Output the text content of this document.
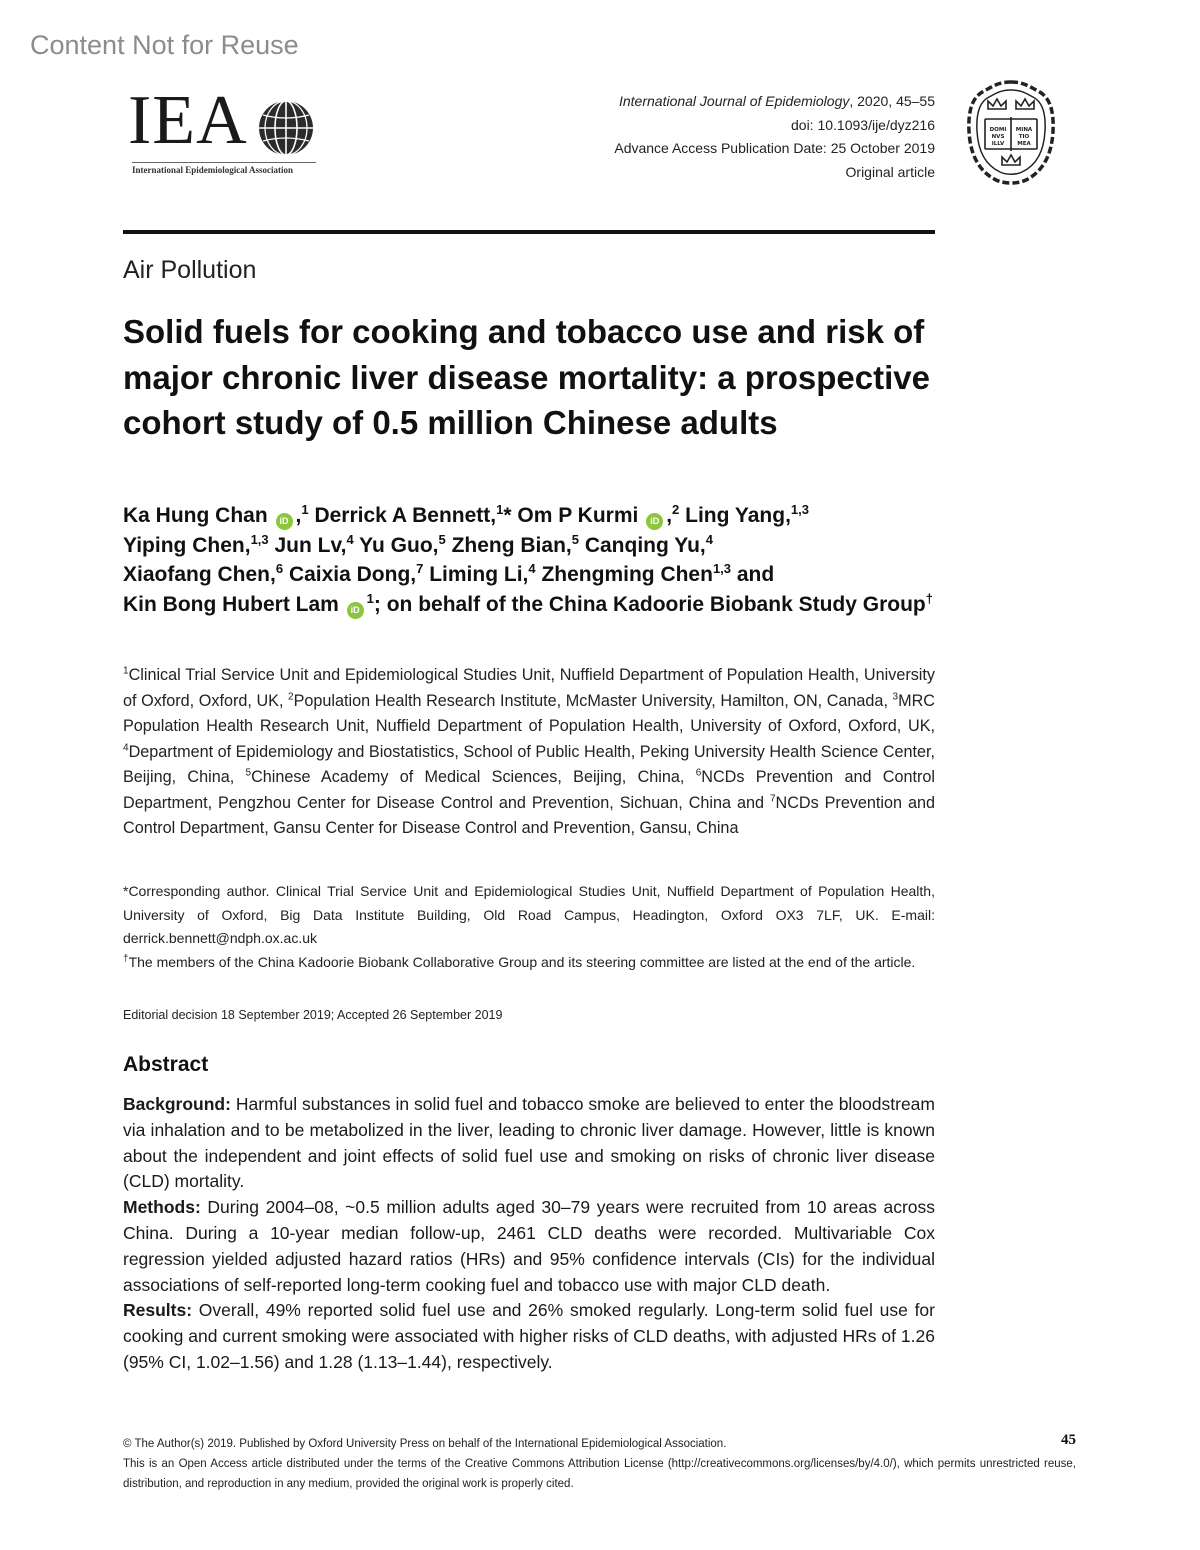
Content Not for Reuse
IEA
International Epidemiological Association
International Journal of Epidemiology, 2020, 45–55
doi: 10.1093/ije/dyz216
Advance Access Publication Date: 25 October 2019
Original article
DOMI
NVS
ILLV
MINA
TIO
MEA
Air Pollution
Solid fuels for cooking and tobacco use and risk of major chronic liver disease mortality: a prospective cohort study of 0.5 million Chinese adults
Ka Hung Chan iD ,$^1$ Derrick A Bennett,$^1$* Om P Kurmi iD ,$^2$ Ling Yang,$^{1,3}$
Yiping Chen,$^{1,3}$ Jun Lv,$^4$ Yu Guo,$^5$ Zheng Bian,$^5$ Canqing Yu,$^4$
Xiaofang Chen,$^6$ Caixia Dong,$^7$ Liming Li,$^4$ Zhengming Chen$^{1,3}$ and
Kin Bong Hubert Lam $iD^1$; on behalf of the China Kadoorie Biobank Study Group†
$^1$Clinical Trial Service Unit and Epidemiological Studies Unit, Nuffield Department of Population Health, University of Oxford, Oxford, UK, $^2$Population Health Research Institute, McMaster University, Hamilton, ON, Canada, $^3$MRC Population Health Research Unit, Nuffield Department of Population Health, University of Oxford, Oxford, UK, $^4$Department of Epidemiology and Biostatistics, School of Public Health, Peking University Health Science Center, Beijing, China, $^5$Chinese Academy of Medical Sciences, Beijing, China, $^6$NCDs Prevention and Control Department, Pengzhou Center for Disease Control and Prevention, Sichuan, China and $^7$NCDs Prevention and Control Department, Gansu Center for Disease Control and Prevention, Gansu, China
*Corresponding author. Clinical Trial Service Unit and Epidemiological Studies Unit, Nuffield Department of Population Health, University of Oxford, Big Data Institute Building, Old Road Campus, Headington, Oxford OX3 7LF, UK. E-mail: derrick.bennett@ndph.ox.ac.uk
†The members of the China Kadoorie Biobank Collaborative Group and its steering committee are listed at the end of the article.
Editorial decision 18 September 2019; Accepted 26 September 2019
Abstract

Background: Harmful substances in solid fuel and tobacco smoke are believed to enter the bloodstream via inhalation and to be metabolized in the liver, leading to chronic liver damage. However, little is known about the independent and joint effects of solid fuel use and smoking on risks of chronic liver disease (CLD) mortality.

Methods: During 2004–08, ~0.5 million adults aged 30–79 years were recruited from 10 areas across China. During a 10-year median follow-up, 2461 CLD deaths were recorded. Multivariable Cox regression yielded adjusted hazard ratios (HRs) and 95% confidence intervals (CIs) for the individual associations of self-reported long-term cooking fuel and tobacco use with major CLD death.

Results: Overall, 49% reported solid fuel use and 26% smoked regularly. Long-term solid fuel use for cooking and current smoking were associated with higher risks of CLD deaths, with adjusted HRs of 1.26 (95% CI, 1.02–1.56) and 1.28 (1.13–1.44), respectively.

© The Author(s) 2019. Published by Oxford University Press on behalf of the International Epidemiological Association.
This is an Open Access article distributed under the terms of the Creative Commons Attribution License (http://creativecommons.org/licenses/by/4.0/), which permits unrestricted reuse, distribution, and reproduction in any medium, provided the original work is properly cited.
45
